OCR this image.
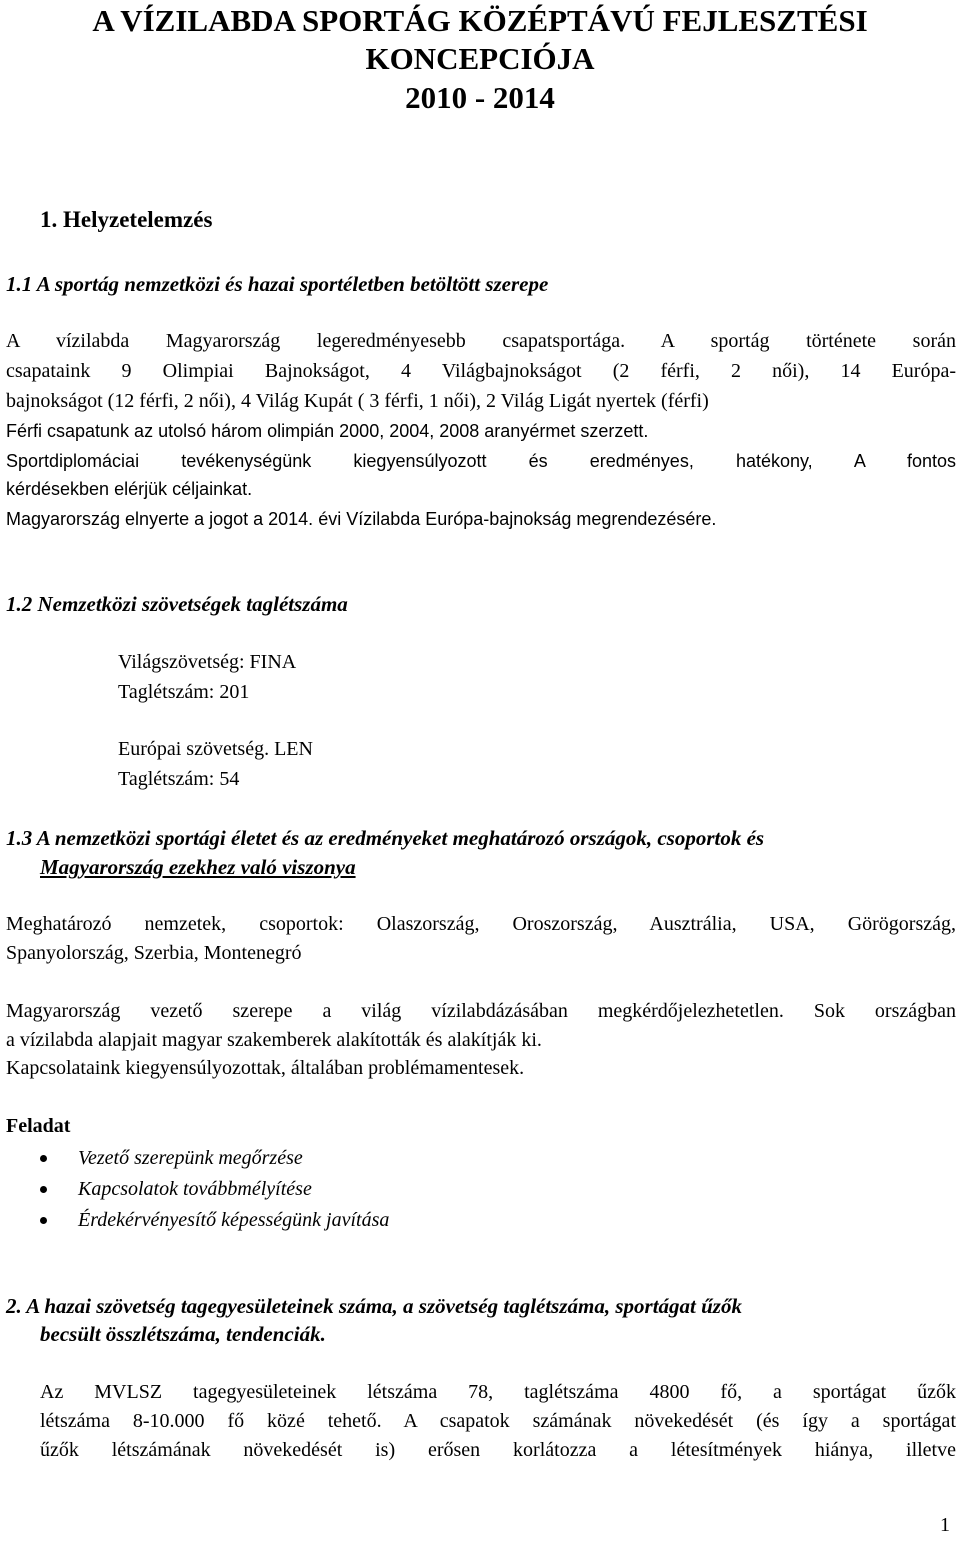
A VÍZILABDA SPORTÁG KÖZÉPTÁVÚ FEJLESZTÉSI
KONCEPCIÓJA
2010 - 2014
1. Helyzetelemzés
1.1 A sportág nemzetközi és hazai sportéletben betöltött szerepe
A vízilabda Magyarország legeredményesebb csapatsportága. A sportág története során
csapataink 9 Olimpiai Bajnokságot, 4 Világbajnokságot (2 férfi, 2 női), 14 Európa-
bajnokságot (12 férfi, 2 női), 4 Világ Kupát ( 3 férfi, 1 női), 2 Világ Ligát nyertek (férfi)
Férfi csapatunk az utolsó három olimpián 2000, 2004, 2008 aranyérmet szerzett.
Sportdiplomáciai tevékenységünk kiegyensúlyozott és eredményes, hatékony, A fontos
kérdésekben elérjük céljainkat.
Magyarország elnyerte a jogot a 2014. évi Vízilabda Európa-bajnokság megrendezésére.
1.2 Nemzetközi szövetségek taglétszáma
Világszövetség: FINA
Taglétszám: 201
Európai szövetség. LEN
Taglétszám: 54
1.3 A nemzetközi sportági életet és az eredményeket meghatározó országok, csoportok és
Magyarország ezekhez való viszonya
Meghatározó nemzetek, csoportok: Olaszország, Oroszország, Ausztrália, USA, Görögország,
Spanyolország, Szerbia, Montenegró
Magyarország vezető szerepe a világ vízilabdázásában megkérdőjelezhetetlen. Sok országban
a vízilabda alapjait magyar szakemberek alakították és alakítják ki.
Kapcsolataink kiegyensúlyozottak, általában problémamentesek.
Feladat
Vezető szerepünk megőrzése
Kapcsolatok továbbmélyítése
Érdekérvényesítő képességünk javítása
2. A hazai szövetség tagegyesületeinek száma, a szövetség taglétszáma, sportágat űzők
becsült összlétszáma, tendenciák.
Az MVLSZ tagegyesületeinek létszáma 78, taglétszáma 4800 fő, a sportágat űzők
létszáma 8-10.000 fő közé tehető. A csapatok számának növekedését (és így a sportágat
űzők létszámának növekedését is) erősen korlátozza a létesítmények hiánya, illetve
1
